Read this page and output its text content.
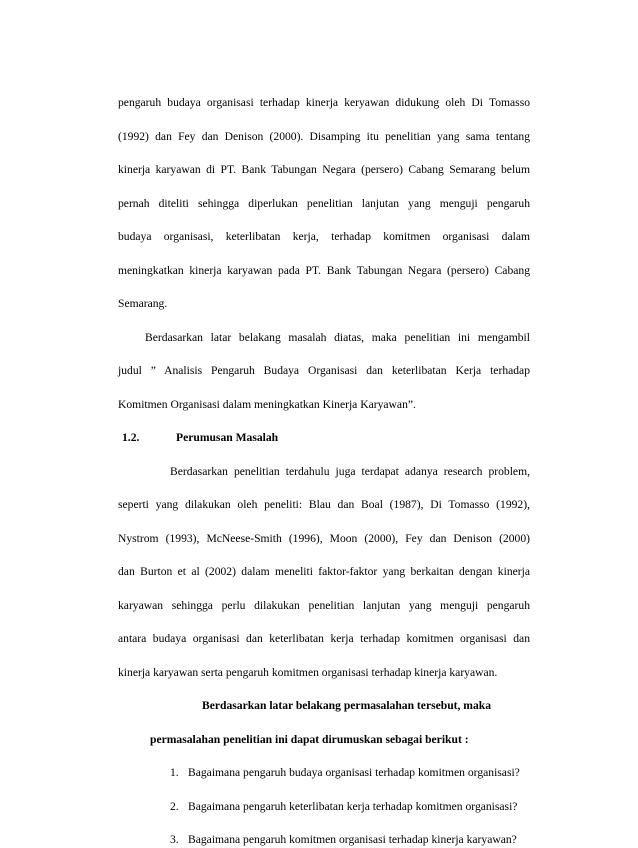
pengaruh budaya organisasi terhadap kinerja keryawan didukung oleh Di Tomasso
(1992) dan Fey dan Denison (2000). Disamping itu penelitian yang sama tentang
kinerja karyawan di PT. Bank Tabungan Negara (persero) Cabang Semarang belum
pernah diteliti sehingga diperlukan penelitian lanjutan yang menguji pengaruh
budaya organisasi, keterlibatan kerja, terhadap komitmen organisasi dalam
meningkatkan kinerja karyawan pada PT. Bank Tabungan Negara (persero) Cabang
Semarang.
Berdasarkan latar belakang masalah diatas, maka penelitian ini mengambil
judul ” Analisis Pengaruh Budaya Organisasi dan keterlibatan Kerja terhadap
Komitmen Organisasi dalam meningkatkan Kinerja Karyawan”.
1.2.	Perumusan Masalah
Berdasarkan penelitian terdahulu juga terdapat adanya research problem,
seperti yang dilakukan oleh peneliti: Blau dan Boal (1987), Di Tomasso (1992),
Nystrom (1993), McNeese-Smith (1996), Moon (2000), Fey dan Denison (2000)
dan Burton et al (2002) dalam meneliti faktor-faktor yang berkaitan dengan kinerja
karyawan sehingga perlu dilakukan penelitian lanjutan yang menguji pengaruh
antara budaya organisasi dan keterlibatan kerja terhadap komitmen organisasi dan
kinerja karyawan serta pengaruh komitmen organisasi terhadap kinerja karyawan.
Berdasarkan latar belakang permasalahan tersebut, maka
permasalahan penelitian ini dapat dirumuskan sebagai berikut :
1. Bagaimana pengaruh budaya organisasi terhadap komitmen organisasi?
2. Bagaimana pengaruh keterlibatan kerja terhadap komitmen organisasi?
3. Bagaimana pengaruh komitmen organisasi terhadap kinerja karyawan?
